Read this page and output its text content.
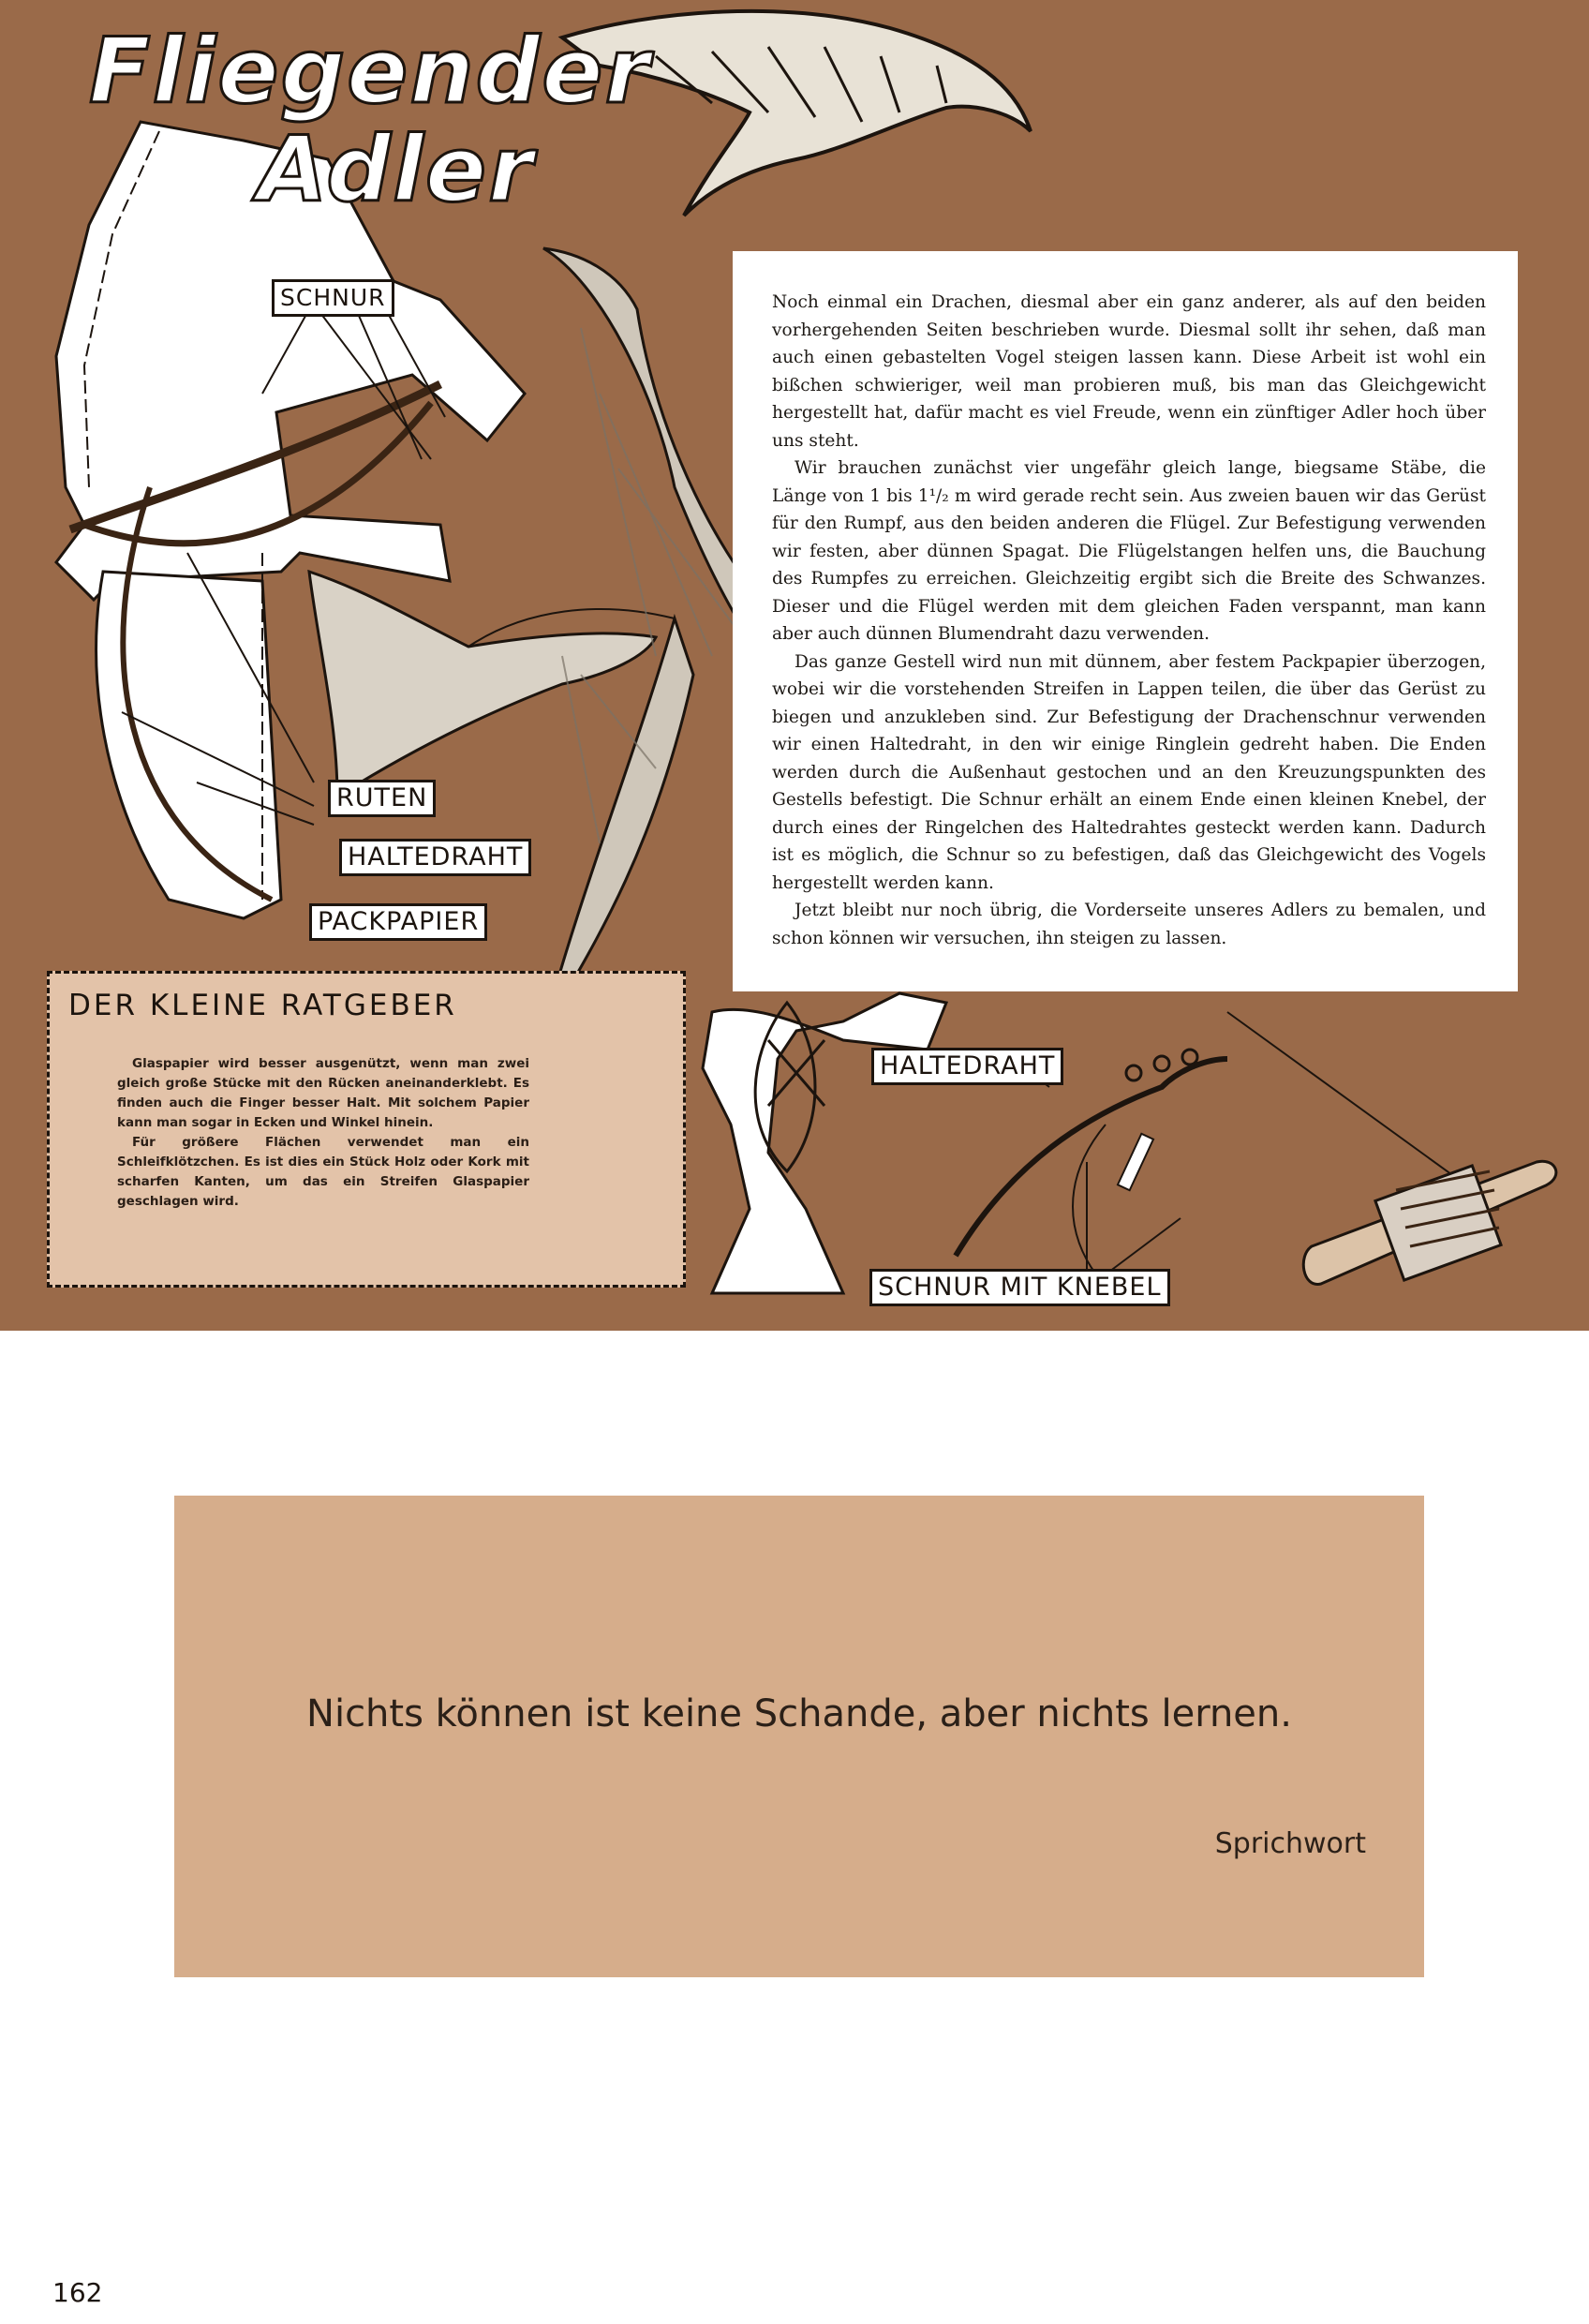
Fliegender
Adler
SCHNUR
RUTEN
HALTEDRAHT
PACKPAPIER
HALTEDRAHT
SCHNUR MIT KNEBEL

Noch einmal ein Drachen, diesmal aber ein ganz anderer, als auf den beiden vorhergehenden Seiten beschrieben wurde. Diesmal sollt ihr sehen, daß man auch einen gebastelten Vogel steigen lassen kann. Diese Arbeit ist wohl ein bißchen schwieriger, weil man probieren muß, bis man das Gleichgewicht hergestellt hat, dafür macht es viel Freude, wenn ein zünftiger Adler hoch über uns steht.

Wir brauchen zunächst vier ungefähr gleich lange, biegsame Stäbe, die Länge von 1 bis 1¹/₂ m wird gerade recht sein. Aus zweien bauen wir das Gerüst für den Rumpf, aus den beiden anderen die Flügel. Zur Befestigung verwenden wir festen, aber dünnen Spagat. Die Flügelstangen helfen uns, die Bauchung des Rumpfes zu erreichen. Gleichzeitig ergibt sich die Breite des Schwanzes. Dieser und die Flügel werden mit dem gleichen Faden verspannt, man kann aber auch dünnen Blumendraht dazu verwenden.

Das ganze Gestell wird nun mit dünnem, aber festem Packpapier überzogen, wobei wir die vorstehenden Streifen in Lappen teilen, die über das Gerüst zu biegen und anzukleben sind. Zur Befestigung der Drachenschnur verwenden wir einen Haltedraht, in den wir einige Ringlein gedreht haben. Die Enden werden durch die Außenhaut gestochen und an den Kreuzungspunkten des Gestells befestigt. Die Schnur erhält an einem Ende einen kleinen Knebel, der durch eines der Ringelchen des Haltedrahtes gesteckt werden kann. Dadurch ist es möglich, die Schnur so zu befestigen, daß das Gleichgewicht des Vogels hergestellt werden kann.

Jetzt bleibt nur noch übrig, die Vorderseite unseres Adlers zu bemalen, und schon können wir versuchen, ihn steigen zu lassen.

DER KLEINE RATGEBER

Glaspapier wird besser ausgenützt, wenn man zwei gleich große Stücke mit den Rücken aneinanderklebt. Es finden auch die Finger besser Halt. Mit solchem Papier kann man sogar in Ecken und Winkel hinein.

Für größere Flächen verwendet man ein Schleifklötzchen. Es ist dies ein Stück Holz oder Kork mit scharfen Kanten, um das ein Streifen Glaspapier geschlagen wird.

Nichts können ist keine Schande, aber nichts lernen.
Sprichwort
162
